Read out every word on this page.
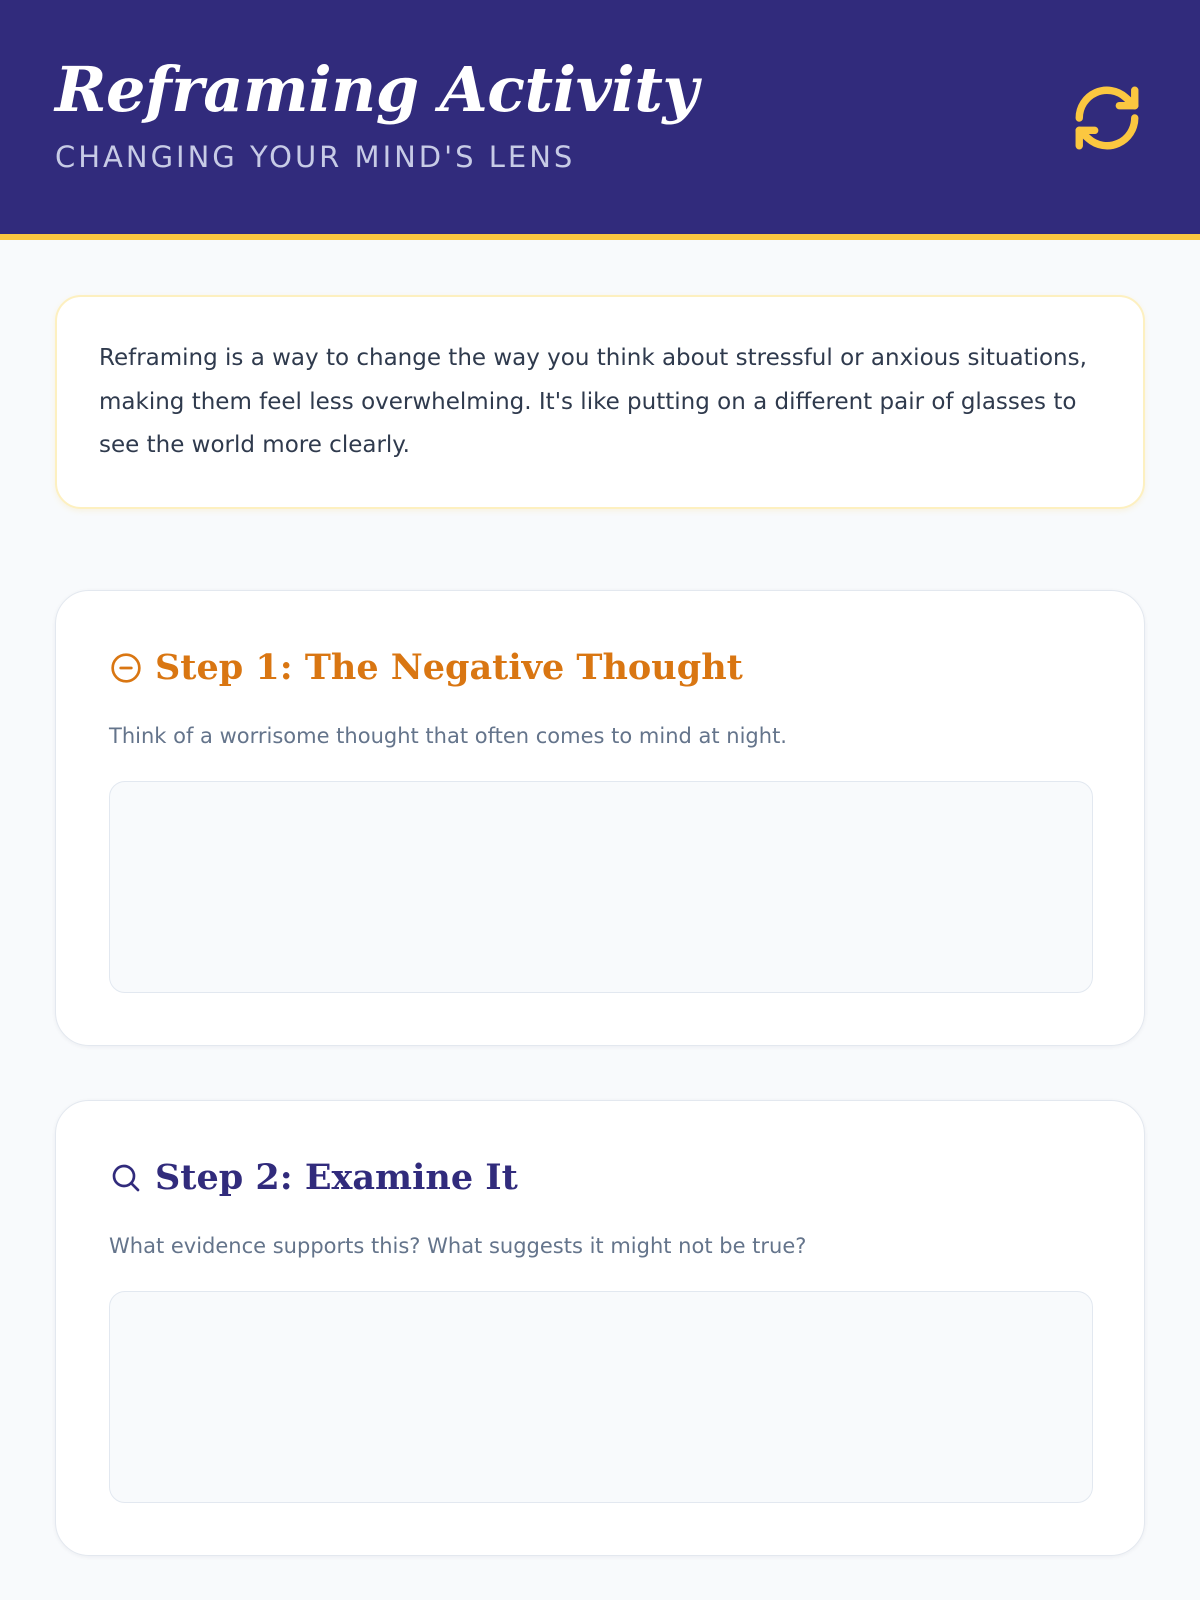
Reframing Activity
CHANGING YOUR MIND'S LENS

Reframing is a way to change the way you think about stressful or anxious situations, making them feel less overwhelming. It's like putting on a different pair of glasses to see the world more clearly.

Step 1: The Negative Thought

Think of a worrisome thought that often comes to mind at night.

Step 2: Examine It

What evidence supports this? What suggests it might not be true?
